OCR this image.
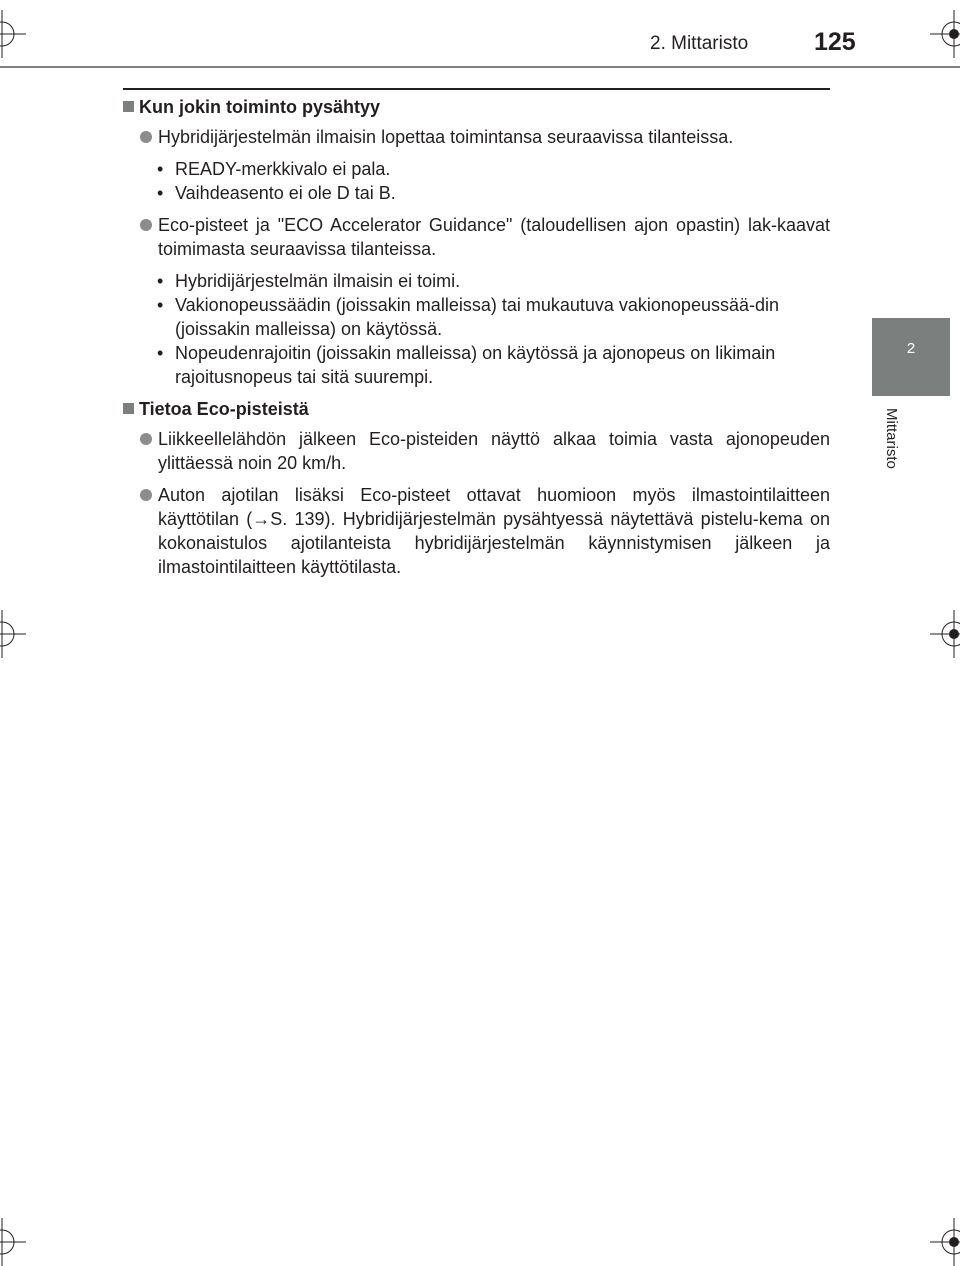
2. Mittaristo	125
2
Mittaristo
Kun jokin toiminto pysähtyy
Hybridijärjestelmän ilmaisin lopettaa toimintansa seuraavissa tilanteissa.
• READY-merkkivalo ei pala.
• Vaihdeasento ei ole D tai B.
Eco-pisteet ja "ECO Accelerator Guidance" (taloudellisen ajon opastin) lak-kaavat toimimasta seuraavissa tilanteissa.
• Hybridijärjestelmän ilmaisin ei toimi.
• Vakionopeussäädin (joissakin malleissa) tai mukautuva vakionopeussää-din (joissakin malleissa) on käytössä.
• Nopeudenrajoitin (joissakin malleissa) on käytössä ja ajonopeus on likimain rajoitusnopeus tai sitä suurempi.
Tietoa Eco-pisteistä
Liikkeellelähdön jälkeen Eco-pisteiden näyttö alkaa toimia vasta ajonopeuden ylittäessä noin 20 km/h.
Auton ajotilan lisäksi Eco-pisteet ottavat huomioon myös ilmastointilaitteen käyttötilan (→S. 139). Hybridijärjestelmän pysähtyessä näytettävä pistelu-kema on kokonaistulos ajotilanteista hybridijärjestelmän käynnistymisen jälkeen ja ilmastointilaitteen käyttötilasta.
